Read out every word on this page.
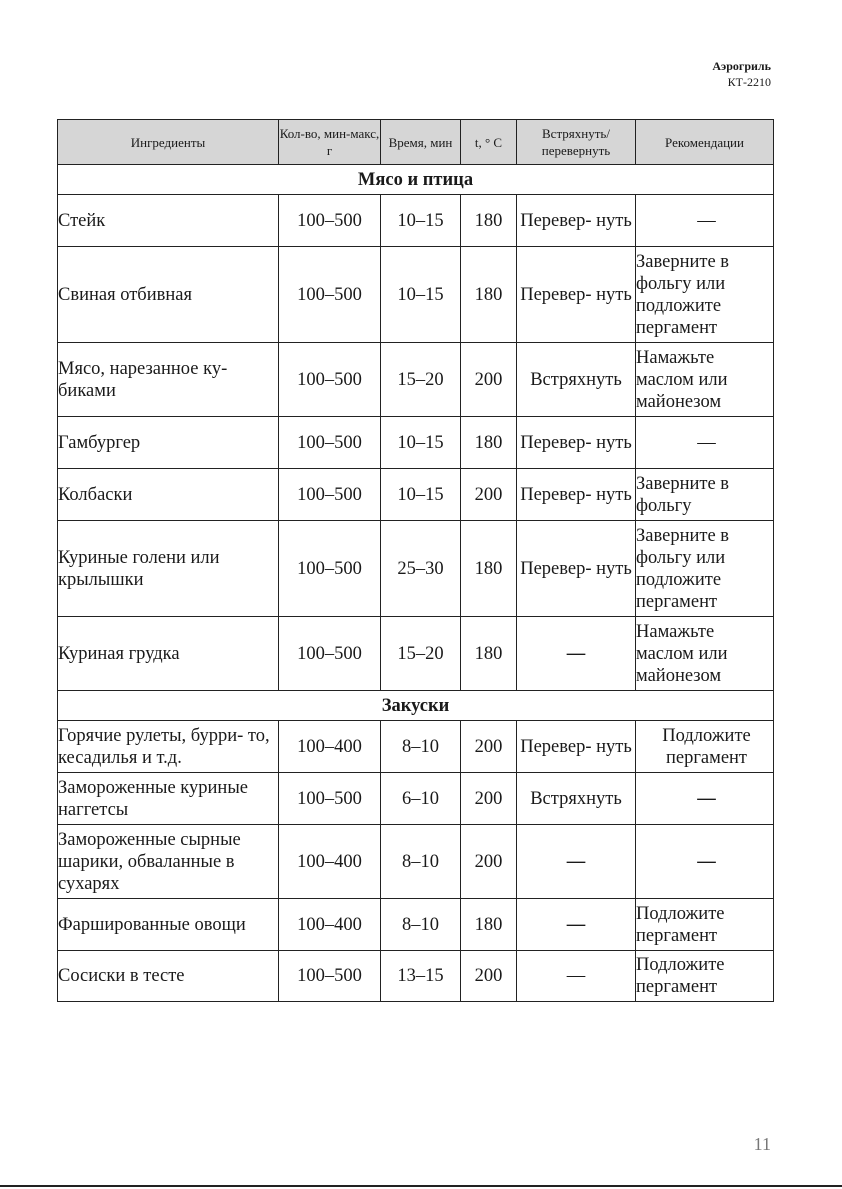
Аэрогриль
КТ-2210
Ингредиенты	Кол-во, мин-макс, г	Время, мин	t, ° C	Встряхнуть/ перевернуть	Рекомендации
Мясо и птица					
Стейк	100–500	10–15	180	Перевер- нуть	—
Свиная отбивная	100–500	10–15	180	Перевер- нуть	Заверните в фольгу или подложите пергамент
Мясо, нарезанное ку- биками	100–500	15–20	200	Встряхнуть	Намажьте маслом или майонезом
Гамбургер	100–500	10–15	180	Перевер- нуть	—
Колбаски	100–500	10–15	200	Перевер- нуть	Заверните в фольгу
Куриные голени или крылышки	100–500	25–30	180	Перевер- нуть	Заверните в фольгу или подложите пергамент
Куриная грудка	100–500	15–20	180	—	Намажьте маслом или майонезом
Закуски					
Горячие рулеты, бурри- то, кесадилья и т.д.	100–400	8–10	200	Перевер- нуть	Подложите пергамент
Замороженные куриные наггетсы	100–500	6–10	200	Встряхнуть	—
Замороженные сырные шарики, обваланные в сухарях	100–400	8–10	200	—	—
Фаршированные овощи	100–400	8–10	180	—	Подложите пергамент
Сосиски в тесте	100–500	13–15	200	—	Подложите пергамент
11
